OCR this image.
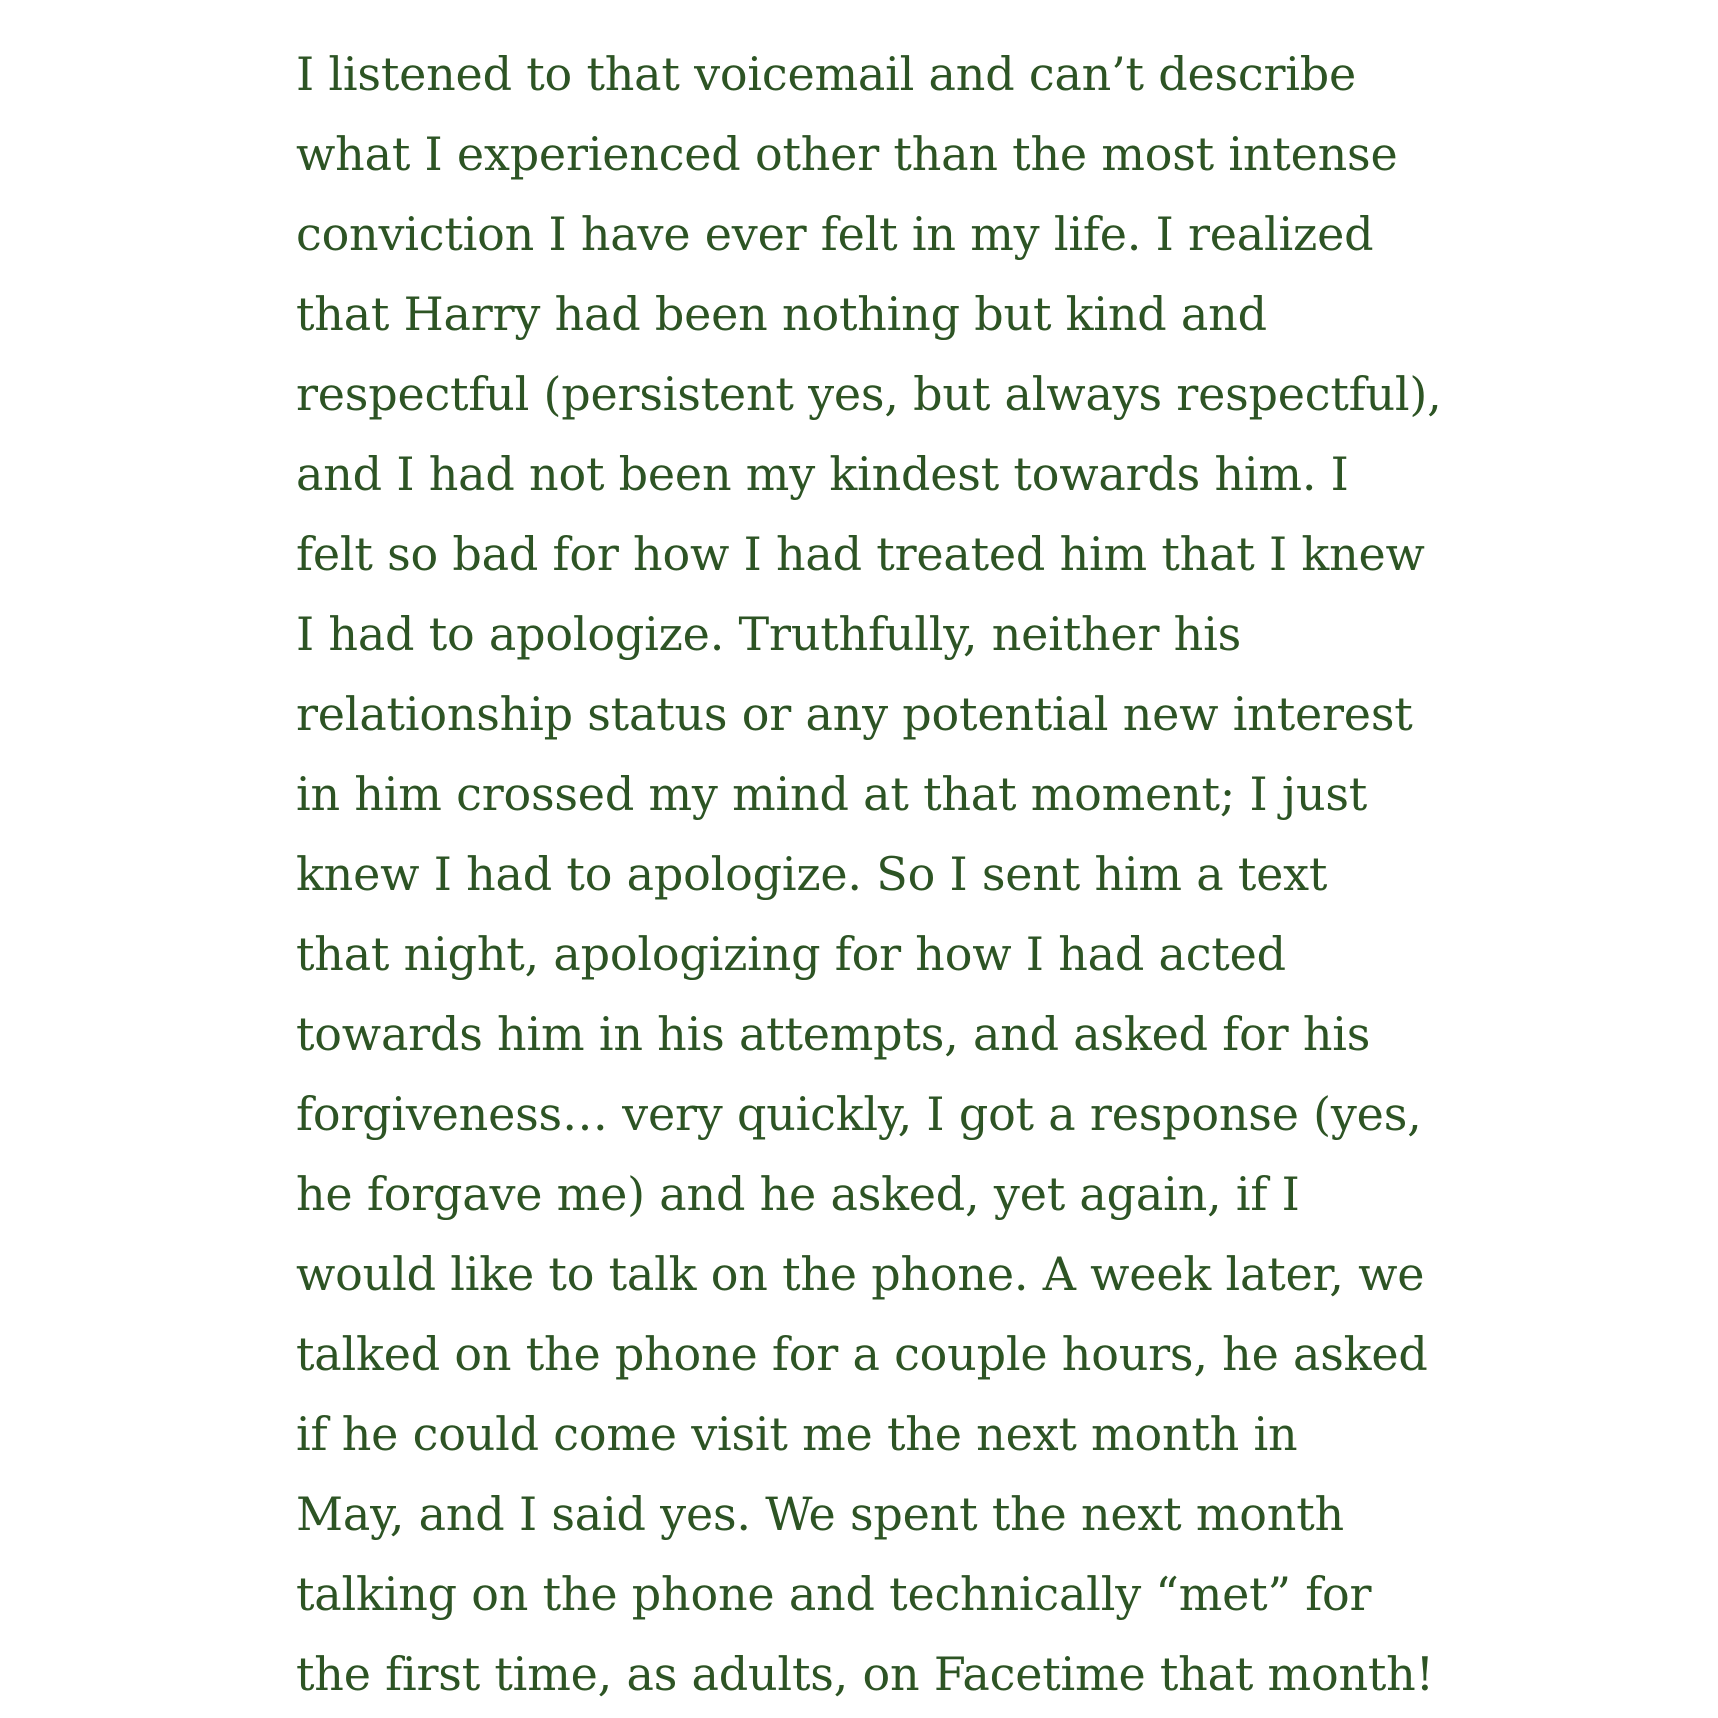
I listened to that voicemail and can’t describe
what I experienced other than the most intense
conviction I have ever felt in my life. I realized
that Harry had been nothing but kind and
respectful (persistent yes, but always respectful),
and I had not been my kindest towards him. I
felt so bad for how I had treated him that I knew
I had to apologize. Truthfully, neither his
relationship status or any potential new interest
in him crossed my mind at that moment; I just
knew I had to apologize. So I sent him a text
that night, apologizing for how I had acted
towards him in his attempts, and asked for his
forgiveness… very quickly, I got a response (yes,
he forgave me) and he asked, yet again, if I
would like to talk on the phone. A week later, we
talked on the phone for a couple hours, he asked
if he could come visit me the next month in
May, and I said yes. We spent the next month
talking on the phone and technically “met” for
the first time, as adults, on Facetime that month!
